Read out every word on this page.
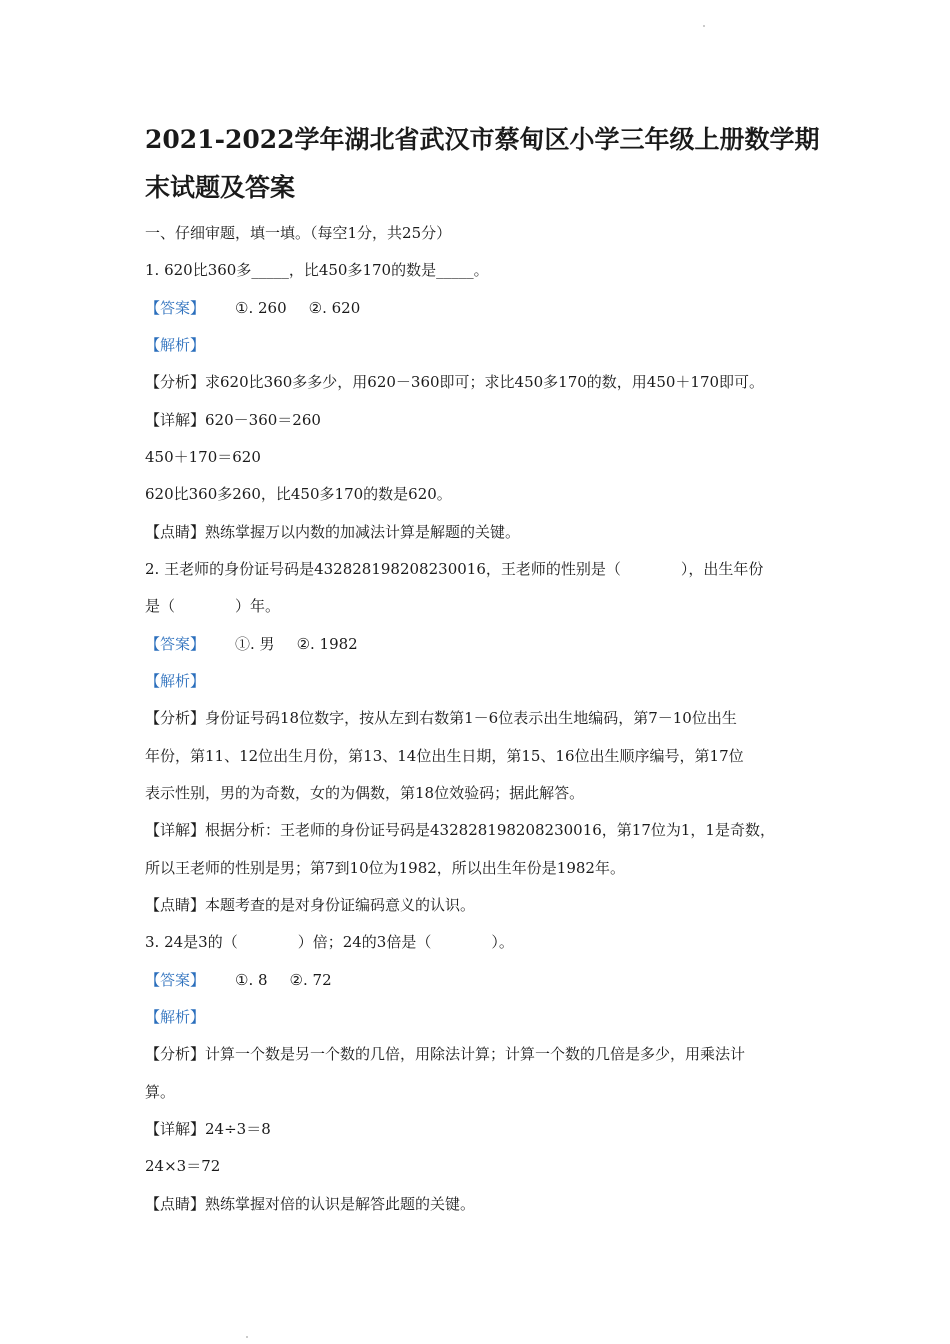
2021-2022学年湖北省武汉市蔡甸区小学三年级上册数学期
末试题及答案
一、仔细审题，填一填。（每空1分，共25分）
1. 620比360多_____，比450多170的数是_____。
【答案】 ①. 260 ②. 620
【解析】
【分析】求620比360多多少，用620－360即可；求比450多170的数，用450＋170即可。
【详解】620－360＝260
450＋170＝620
620比360多260，比450多170的数是620。
【点睛】熟练掌握万以内数的加减法计算是解题的关键。
2. 王老师的身份证号码是432828198208230016，王老师的性别是（　　　　），出生年份
是（　　　　）年。
【答案】 ①. 男 ②. 1982
【解析】
【分析】身份证号码18位数字，按从左到右数第1－6位表示出生地编码，第7－10位出生
年份，第11、12位出生月份，第13、14位出生日期，第15、16位出生顺序编号，第17位
表示性别，男的为奇数，女的为偶数，第18位效验码；据此解答。
【详解】根据分析：王老师的身份证号码是432828198208230016，第17位为1，1是奇数，
所以王老师的性别是男；第7到10位为1982，所以出生年份是1982年。
【点睛】本题考查的是对身份证编码意义的认识。
3. 24是3的（　　　　）倍；24的3倍是（　　　　）。
【答案】 ①. 8 ②. 72
【解析】
【分析】计算一个数是另一个数的几倍，用除法计算；计算一个数的几倍是多少，用乘法计
算。
【详解】24÷3＝8
24×3＝72
【点睛】熟练掌握对倍的认识是解答此题的关键。
